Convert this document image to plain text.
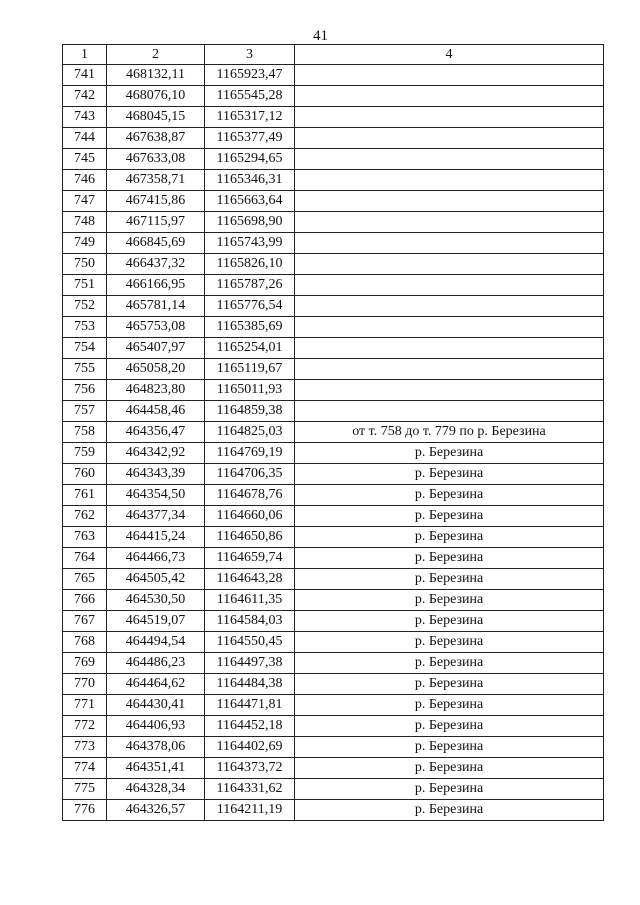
41
1	2	3	4
741	468132,11	1165923,47	
742	468076,10	1165545,28	
743	468045,15	1165317,12	
744	467638,87	1165377,49	
745	467633,08	1165294,65	
746	467358,71	1165346,31	
747	467415,86	1165663,64	
748	467115,97	1165698,90	
749	466845,69	1165743,99	
750	466437,32	1165826,10	
751	466166,95	1165787,26	
752	465781,14	1165776,54	
753	465753,08	1165385,69	
754	465407,97	1165254,01	
755	465058,20	1165119,67	
756	464823,80	1165011,93	
757	464458,46	1164859,38	
758	464356,47	1164825,03	от т. 758 до т. 779 по р. Березина
759	464342,92	1164769,19	р. Березина
760	464343,39	1164706,35	р. Березина
761	464354,50	1164678,76	р. Березина
762	464377,34	1164660,06	р. Березина
763	464415,24	1164650,86	р. Березина
764	464466,73	1164659,74	р. Березина
765	464505,42	1164643,28	р. Березина
766	464530,50	1164611,35	р. Березина
767	464519,07	1164584,03	р. Березина
768	464494,54	1164550,45	р. Березина
769	464486,23	1164497,38	р. Березина
770	464464,62	1164484,38	р. Березина
771	464430,41	1164471,81	р. Березина
772	464406,93	1164452,18	р. Березина
773	464378,06	1164402,69	р. Березина
774	464351,41	1164373,72	р. Березина
775	464328,34	1164331,62	р. Березина
776	464326,57	1164211,19	р. Березина
